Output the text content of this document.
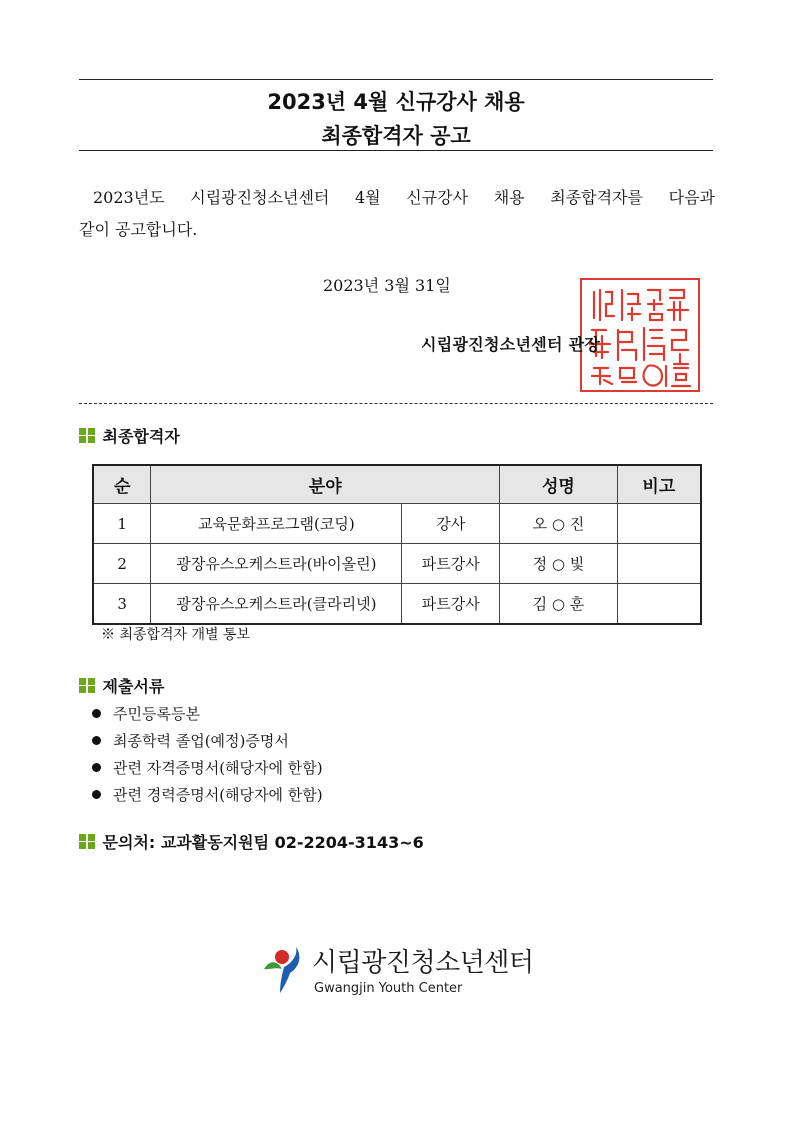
2023년 4월 신규강사 채용
최종합격자 공고
2023년도 시립광진청소년센터 4월 신규강사 채용 최종합격자를 다음과
같이 공고합니다.
2023년 3월 31일
시립광진청소년센터 관장
최종합격자
순	분야		성명	비고
1	교육문화프로그램(코딩)	강사	오 ○ 진	
2	광장유스오케스트라(바이올린)	파트강사	정 ○ 빛	
3	광장유스오케스트라(클라리넷)	파트강사	김 ○ 훈	
※ 최종합격자 개별 통보
제출서류
주민등록등본
최종학력 졸업(예정)증명서
관련 자격증명서(해당자에 한함)
관련 경력증명서(해당자에 한함)
문의처: 교과활동지원팀 02-2204-3143~6
시립광진청소년센터
Gwangjin Youth Center
